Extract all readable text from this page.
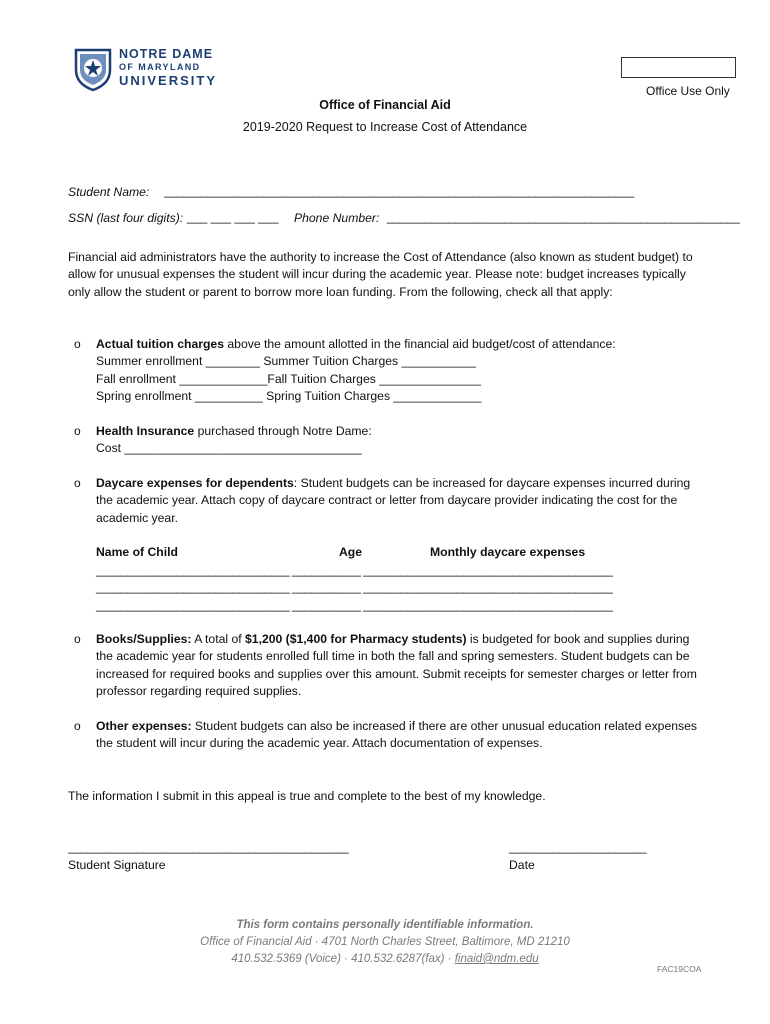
NOTRE DAME
OF MARYLAND
UNIVERSITY
Office Use Only
Office of Financial Aid
2019-2020 Request to Increase Cost of Attendance
Student Name: ____________________________________________________________________________
SSN (last four digits): ___ ___ ___ ___ Phone Number: _________________________________________________________
Financial aid administrators have the authority to increase the Cost of Attendance (also known as student budget) to allow for unusual expenses the student will incur during the academic year. Please note: budget increases typically only allow the student or parent to borrow more loan funding. From the following, check all that apply:
o Actual tuition charges above the amount allotted in the financial aid budget/cost of attendance:
Summer enrollment ________ Summer Tuition Charges ___________
Fall enrollment _____________Fall Tuition Charges _______________
Spring enrollment __________ Spring Tuition Charges _____________
o Health Insurance purchased through Notre Dame:
Cost ___________________________________
o Daycare expenses for dependents: Student budgets can be increased for daycare expenses incurred during the academic year. Attach copy of daycare contract or letter from daycare provider indicating the cost for the academic year.
Name of Child	Age	Monthly daycare expenses
_______________________________ ___________ ________________________________________
_______________________________ ___________ ________________________________________
_______________________________ ___________ ________________________________________
o Books/Supplies: A total of $1,200 ($1,400 for Pharmacy students) is budgeted for book and supplies during the academic year for students enrolled full time in both the fall and spring semesters. Student budgets can be increased for required books and supplies over this amount. Submit receipts for semester charges or letter from professor regarding required supplies.
o Other expenses: Student budgets can also be increased if there are other unusual education related expenses the student will incur during the academic year. Attach documentation of expenses.
The information I submit in this appeal is true and complete to the best of my knowledge.
_____________________________________________
Student Signature
______________________
Date
This form contains personally identifiable information.
Office of Financial Aid · 4701 North Charles Street, Baltimore, MD 21210
410.532.5369 (Voice) · 410.532.6287(fax) · finaid@ndm.edu
FAC19COA
